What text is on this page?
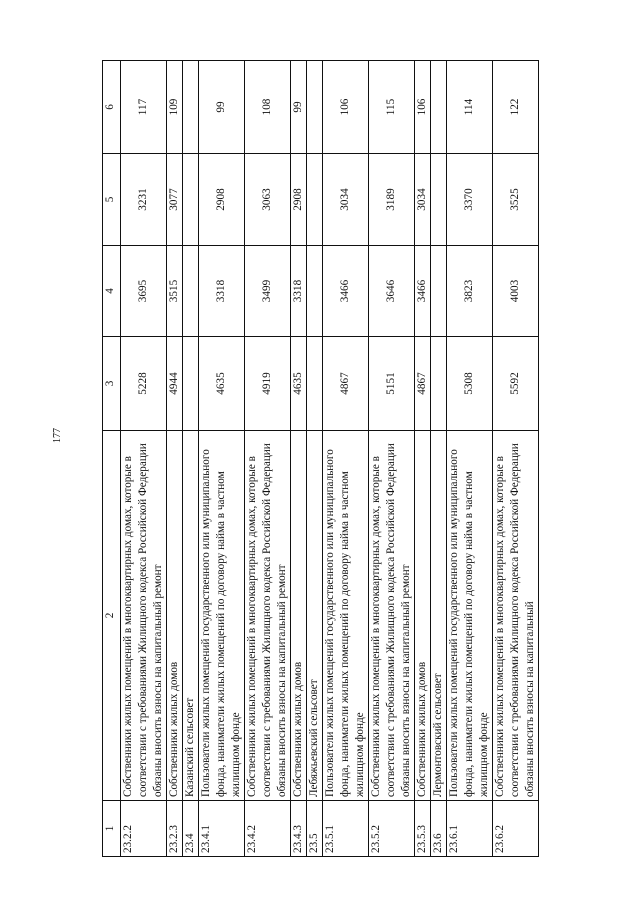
177
1	2	3	4	5	6
23.2.2	Собственники жилых помещений в многоквартирных домах, которые в соответствии с требованиями Жилищного кодекса Российской Федерации обязаны вносить взносы на капитальный ремонт	5228	3695	3231	117
23.2.3	Собственники жилых домов	4944	3515	3077	109
23.4	Казанский сельсовет				
23.4.1	Пользователи жилых помещений государственного или муниципального фонда, наниматели жилых помещений по договору найма в частном жилищном фонде	4635	3318	2908	99
23.4.2	Собственники жилых помещений в многоквартирных домах, которые в соответствии с требованиями Жилищного кодекса Российской Федерации обязаны вносить взносы на капитальный ремонт	4919	3499	3063	108
23.4.3	Собственники жилых домов	4635	3318	2908	99
23.5	Лебяжьевский сельсовет				
23.5.1	Пользователи жилых помещений государственного или муниципального фонда, наниматели жилых помещений по договору найма в частном жилищном фонде	4867	3466	3034	106
23.5.2	Собственники жилых помещений в многоквартирных домах, которые в соответствии с требованиями Жилищного кодекса Российской Федерации обязаны вносить взносы на капитальный ремонт	5151	3646	3189	115
23.5.3	Собственники жилых домов	4867	3466	3034	106
23.6	Лермонтовский сельсовет				
23.6.1	Пользователи жилых помещений государственного или муниципального фонда, наниматели жилых помещений по договору найма в частном жилищном фонде	5308	3823	3370	114
23.6.2	Собственники жилых помещений в многоквартирных домах, которые в соответствии с требованиями Жилищного кодекса Российской Федерации обязаны вносить взносы на капитальный	5592	4003	3525	122
